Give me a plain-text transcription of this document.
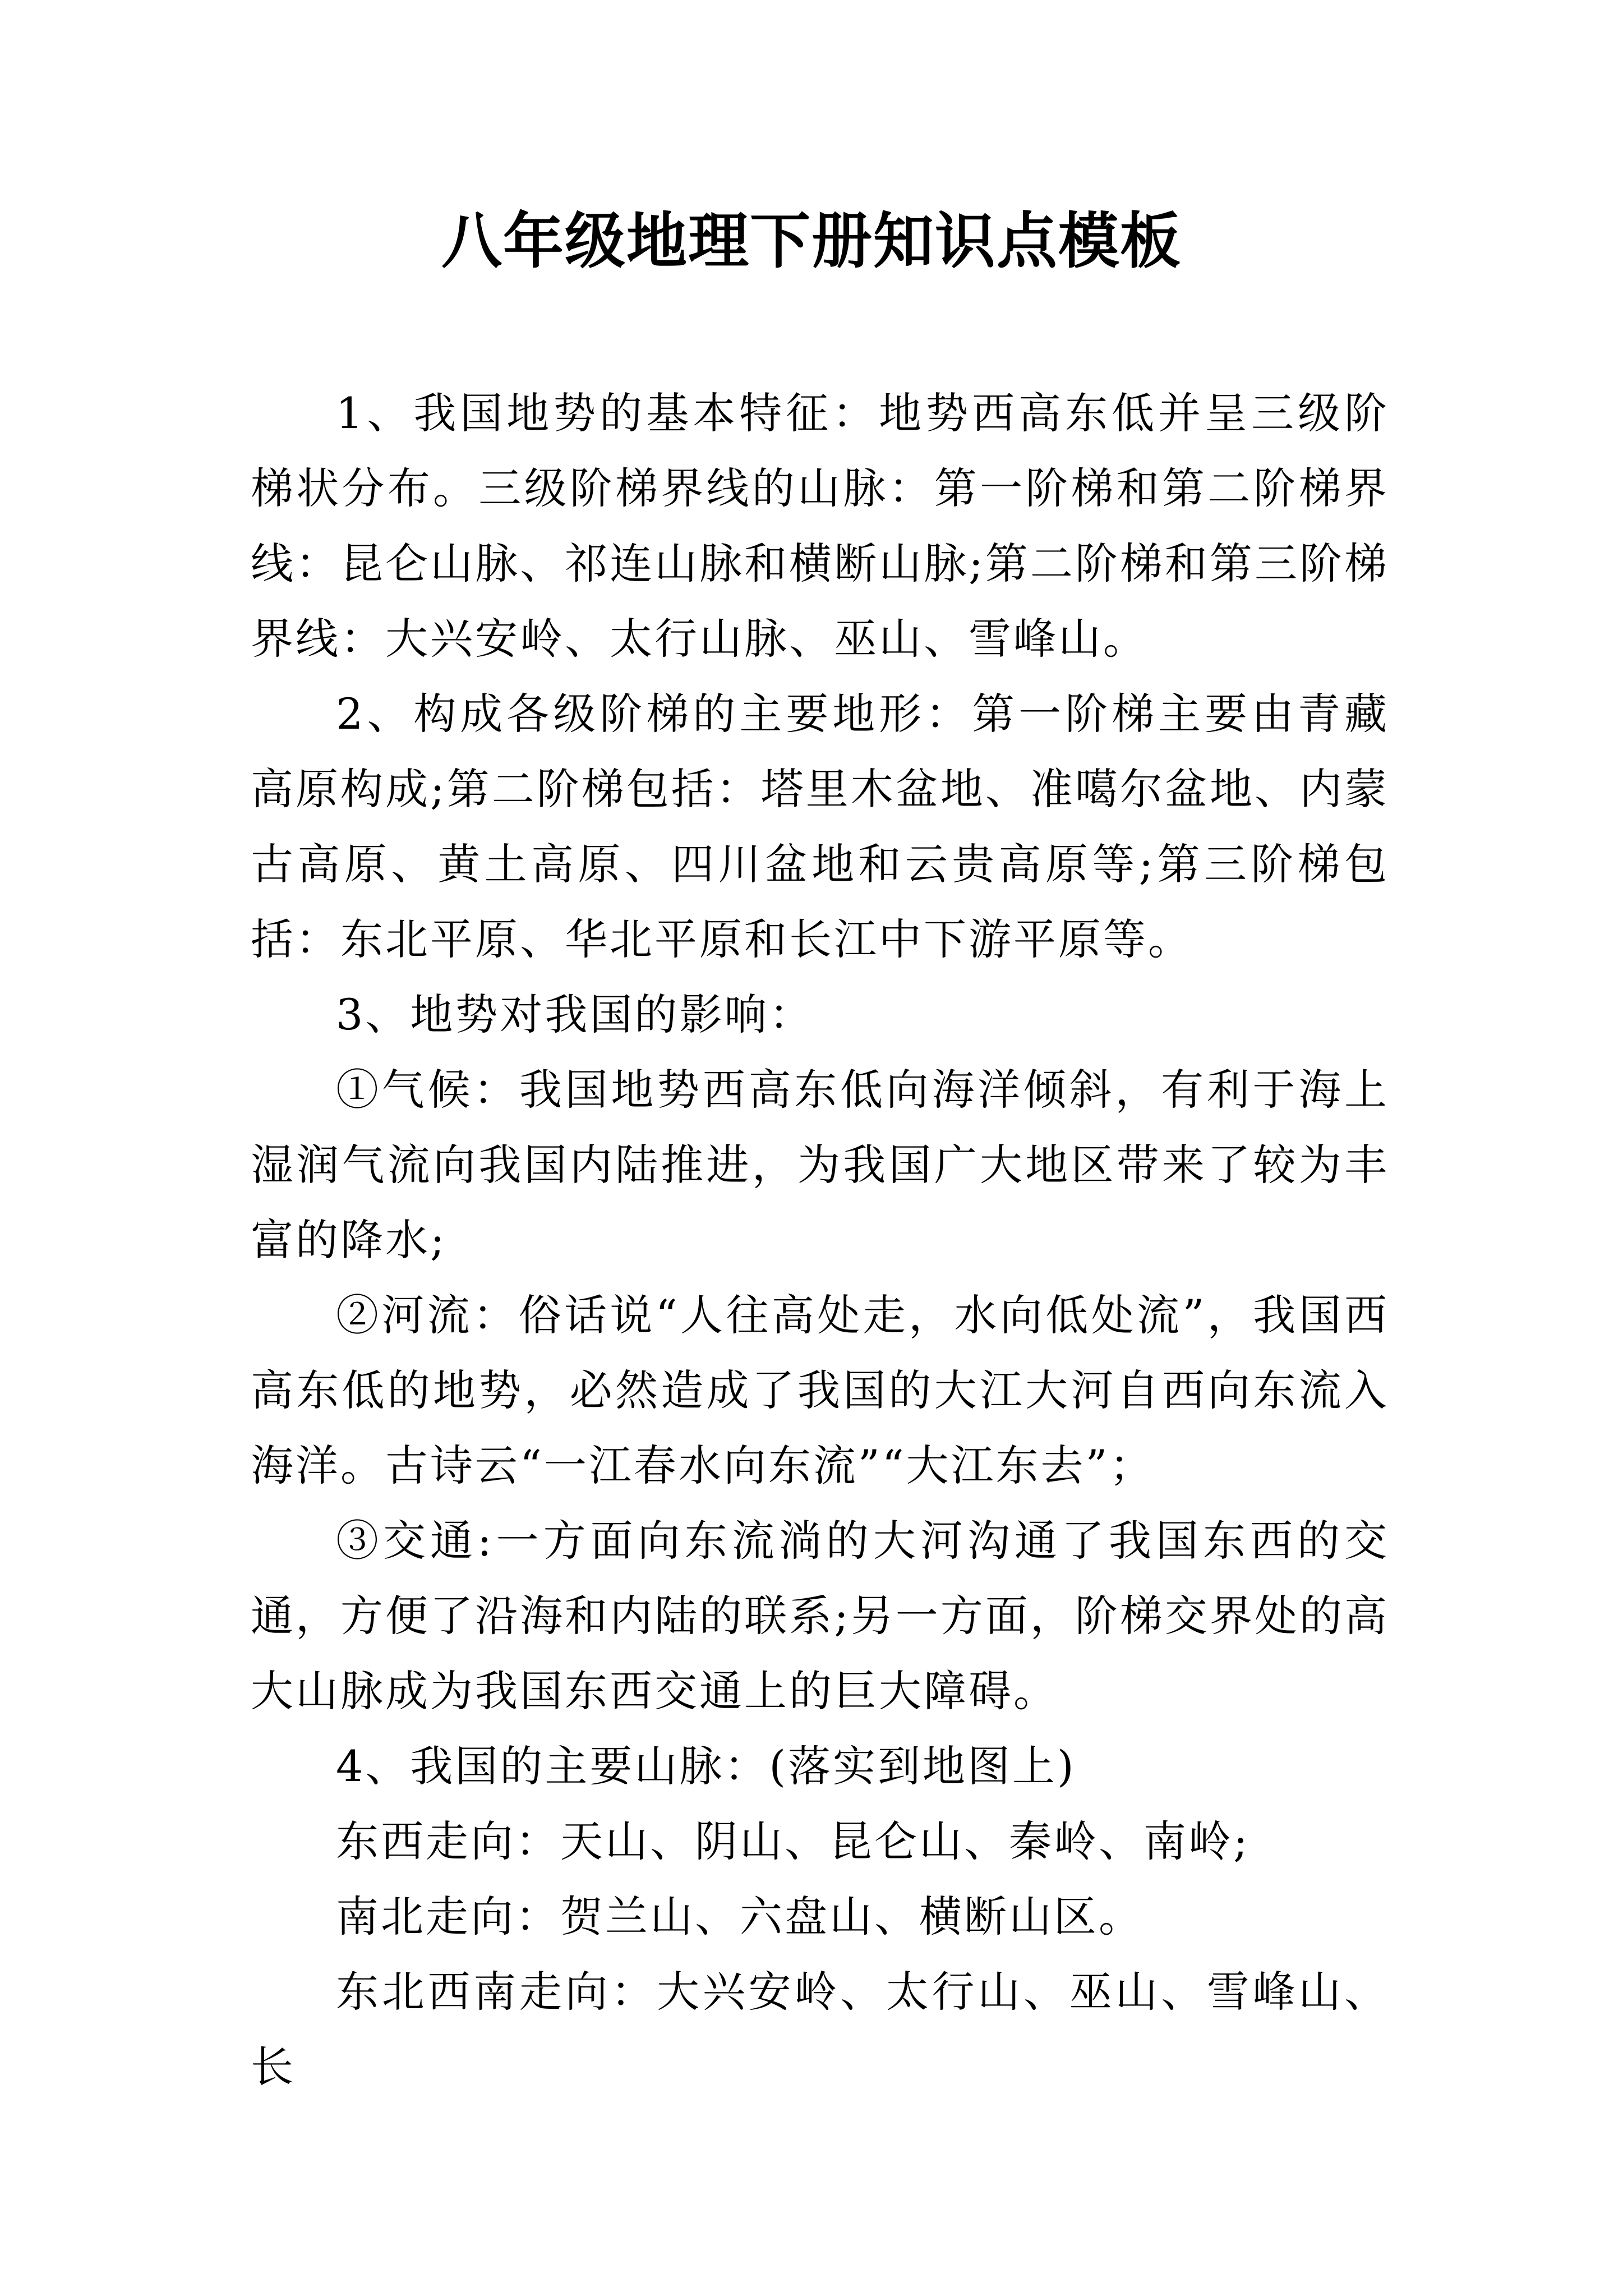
八年级地理下册知识点模板

1、我国地势的基本特征：地势西高东低并呈三级阶梯状分布。三级阶梯界线的山脉：第一阶梯和第二阶梯界线：昆仑山脉、祁连山脉和横断山脉;第二阶梯和第三阶梯界线：大兴安岭、太行山脉、巫山、雪峰山。

2、构成各级阶梯的主要地形：第一阶梯主要由青藏高原构成;第二阶梯包括：塔里木盆地、准噶尔盆地、内蒙古高原、黄土高原、四川盆地和云贵高原等;第三阶梯包括：东北平原、华北平原和长江中下游平原等。

3、地势对我国的影响：

①气候：我国地势西高东低向海洋倾斜，有利于海上湿润气流向我国内陆推进，为我国广大地区带来了较为丰富的降水;

②河流：俗话说“人往高处走，水向低处流”，我国西高东低的地势，必然造成了我国的大江大河自西向东流入海洋。古诗云“一江春水向东流”“大江东去”；

③交通:一方面向东流淌的大河沟通了我国东西的交通，方便了沿海和内陆的联系;另一方面，阶梯交界处的高大山脉成为我国东西交通上的巨大障碍。

4、我国的主要山脉：(落实到地图上)

东西走向：天山、阴山、昆仑山、秦岭、南岭;

南北走向：贺兰山、六盘山、横断山区。

东北西南走向：大兴安岭、太行山、巫山、雪峰山、长
